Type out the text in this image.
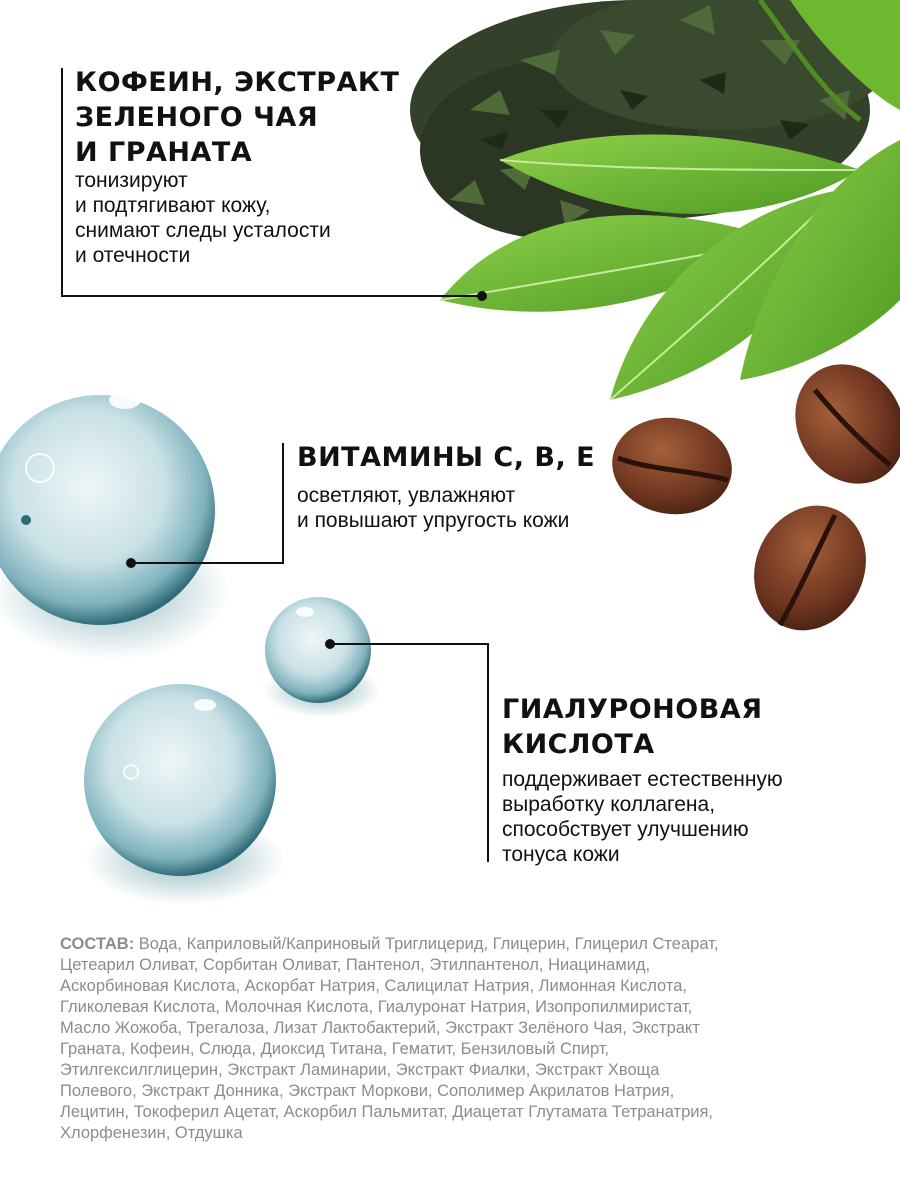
КОФЕИН, ЭКСТРАКТ
ЗЕЛЕНОГО ЧАЯ
И ГРАНАТА

тонизируют
и подтягивают кожу,
снимают следы усталости
и отечности

ВИТАМИНЫ С, В, Е

осветляют, увлажняют
и повышают упругость кожи

ГИАЛУРОНОВАЯ
КИСЛОТА

поддерживает естественную
выработку коллагена,
способствует улучшению
тонуса кожи

СОСТАВ: Вода, Каприловый/Каприновый Триглицерид, Глицерин, Глицерил Стеарат,
Цетеарил Оливат, Сорбитан Оливат, Пантенол, Этилпантенол, Ниацинамид,
Аскорбиновая Кислота, Аскорбат Натрия, Салицилат Натрия, Лимонная Кислота,
Гликолевая Кислота, Молочная Кислота, Гиалуронат Натрия, Изопропилмиристат,
Масло Жожоба, Трегалоза, Лизат Лактобактерий, Экстракт Зелёного Чая, Экстракт
Граната, Кофеин, Слюда, Диоксид Титана, Гематит, Бензиловый Спирт,
Этилгексилглицерин, Экстракт Ламинарии, Экстракт Фиалки, Экстракт Хвоща
Полевого, Экстракт Донника, Экстракт Моркови, Сополимер Акрилатов Натрия,
Лецитин, Токоферил Ацетат, Аскорбил Пальмитат, Диацетат Глутамата Тетранатрия,
Хлорфенезин, Отдушка
